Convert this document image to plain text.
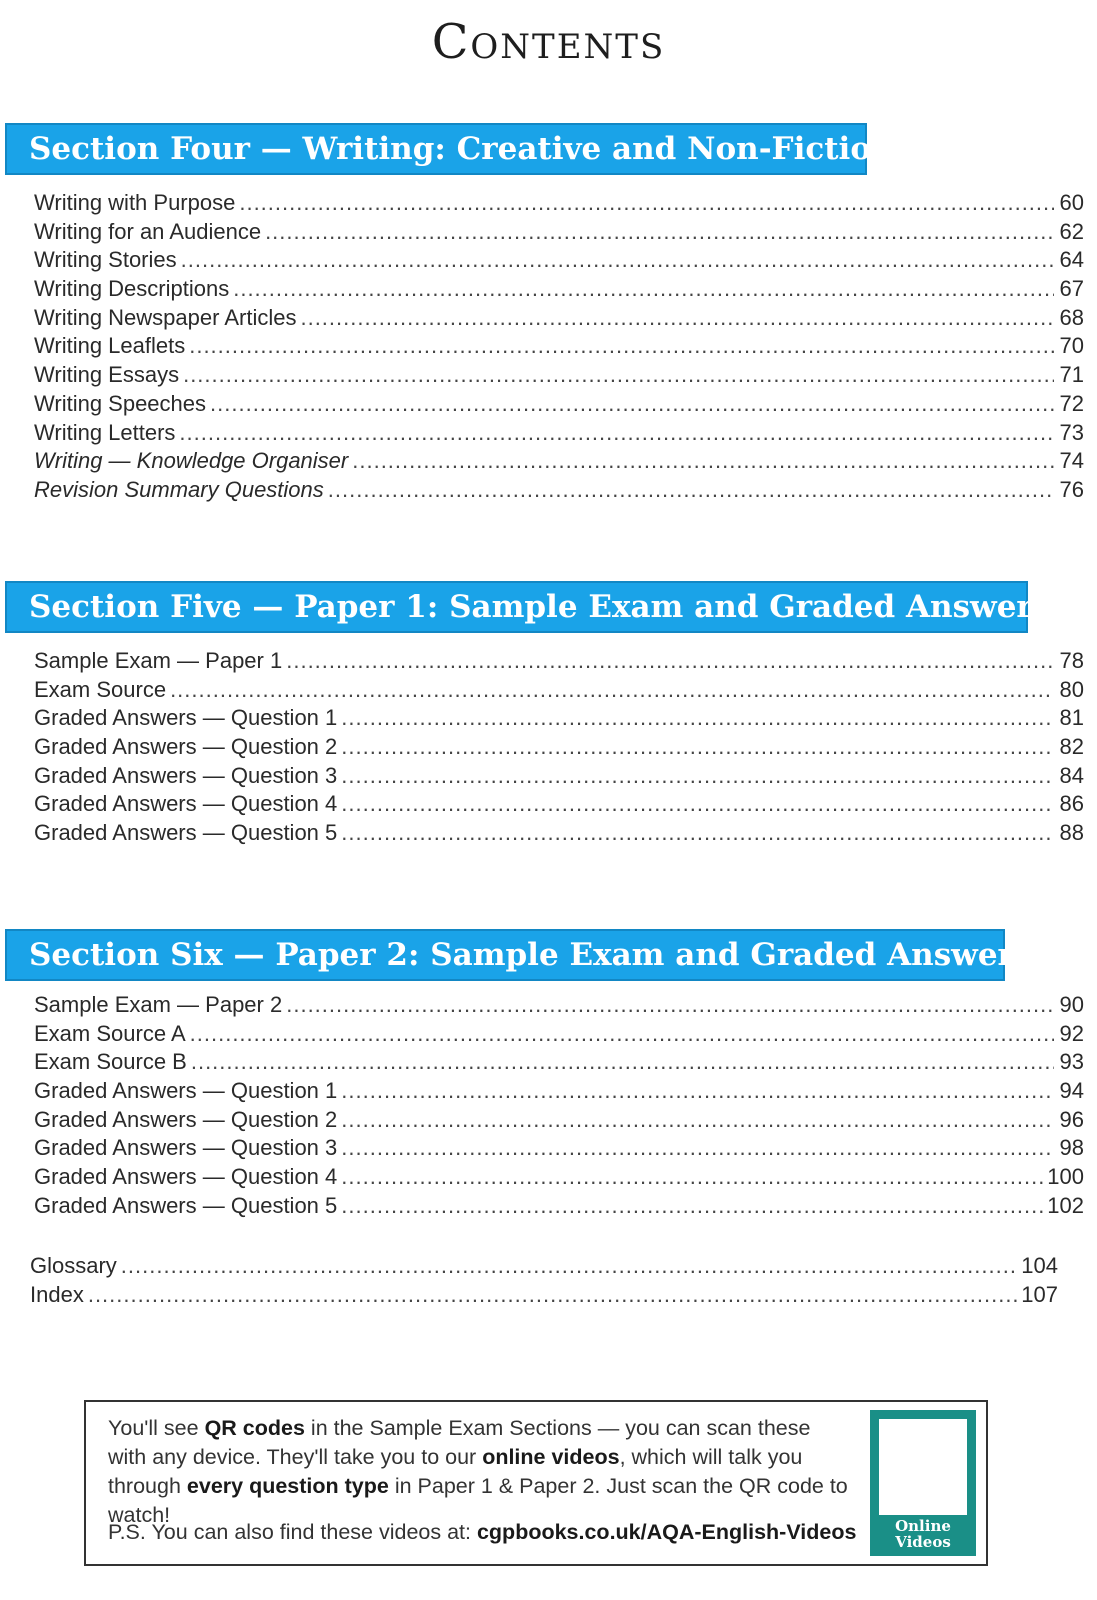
Contents
Section Four — Writing: Creative and Non-Fiction
Writing with Purpose .....	60
Writing for an Audience .....	62
Writing Stories .....	64
Writing Descriptions .....	67
Writing Newspaper Articles .....	68
Writing Leaflets .....	70
Writing Essays .....	71
Writing Speeches .....	72
Writing Letters .....	73
Writing — Knowledge Organiser .....	74
Revision Summary Questions .....	76
Section Five — Paper 1: Sample Exam and Graded Answers
Sample Exam — Paper 1 .....	78
Exam Source .....	80
Graded Answers — Question 1 .....	81
Graded Answers — Question 2 .....	82
Graded Answers — Question 3 .....	84
Graded Answers — Question 4 .....	86
Graded Answers — Question 5 .....	88
Section Six — Paper 2: Sample Exam and Graded Answers
Sample Exam — Paper 2 .....	90
Exam Source A .....	92
Exam Source B .....	93
Graded Answers — Question 1 .....	94
Graded Answers — Question 2 .....	96
Graded Answers — Question 3 .....	98
Graded Answers — Question 4 .....	100
Graded Answers — Question 5 .....	102
Glossary .....	104
Index .....	107
You'll see QR codes in the Sample Exam Sections — you can scan these with any device. They'll take you to our online videos, which will talk you through every question type in Paper 1 & Paper 2. Just scan the QR code to watch!
P.S. You can also find these videos at: cgpbooks.co.uk/AQA-English-Videos	Online
Videos
